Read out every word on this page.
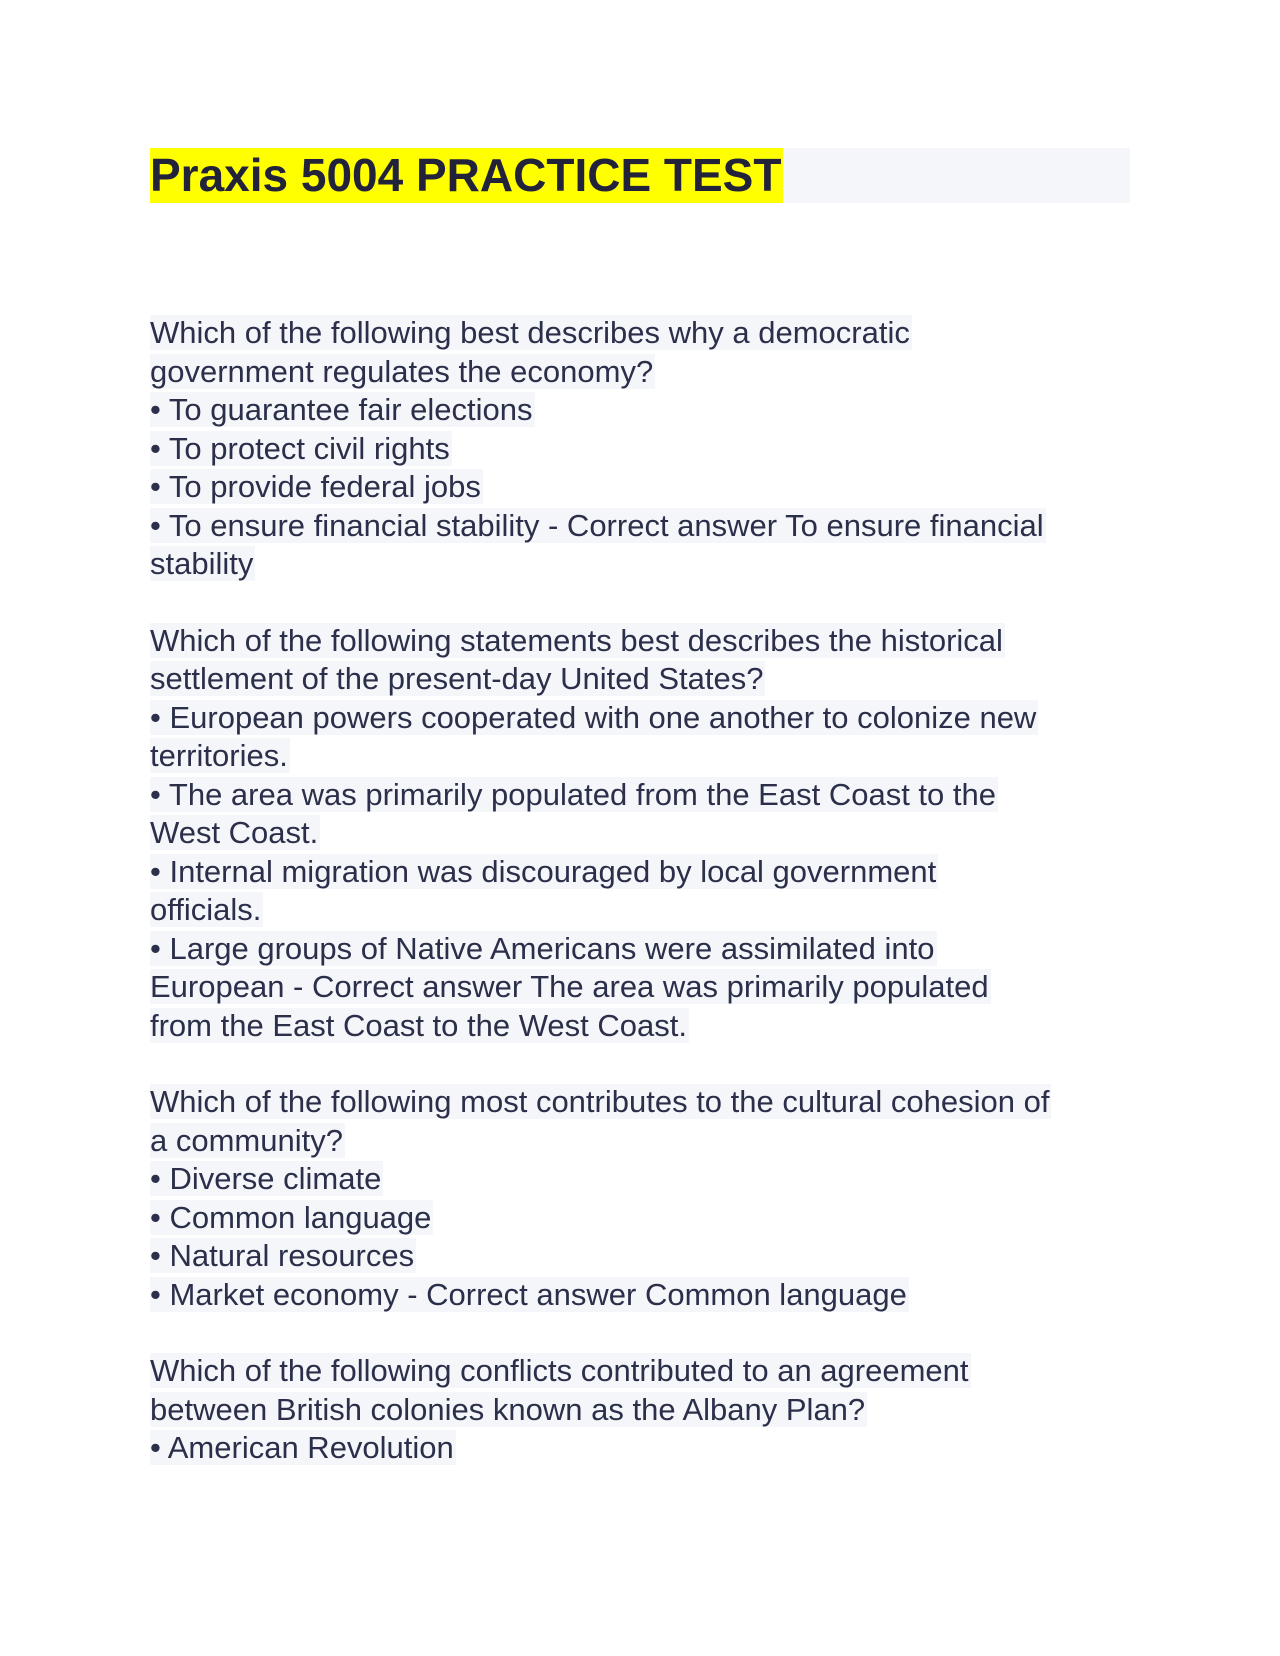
Praxis 5004 PRACTICE TEST
Which of the following best describes why a democratic
government regulates the economy?
• To guarantee fair elections
• To protect civil rights
• To provide federal jobs
• To ensure financial stability - Correct answer To ensure financial
stability
Which of the following statements best describes the historical
settlement of the present-day United States?
• European powers cooperated with one another to colonize new
territories.
• The area was primarily populated from the East Coast to the
West Coast.
• Internal migration was discouraged by local government
officials.
• Large groups of Native Americans were assimilated into
European - Correct answer The area was primarily populated
from the East Coast to the West Coast.
Which of the following most contributes to the cultural cohesion of
a community?
• Diverse climate
• Common language
• Natural resources
• Market economy - Correct answer Common language
Which of the following conflicts contributed to an agreement
between British colonies known as the Albany Plan?
• American Revolution
